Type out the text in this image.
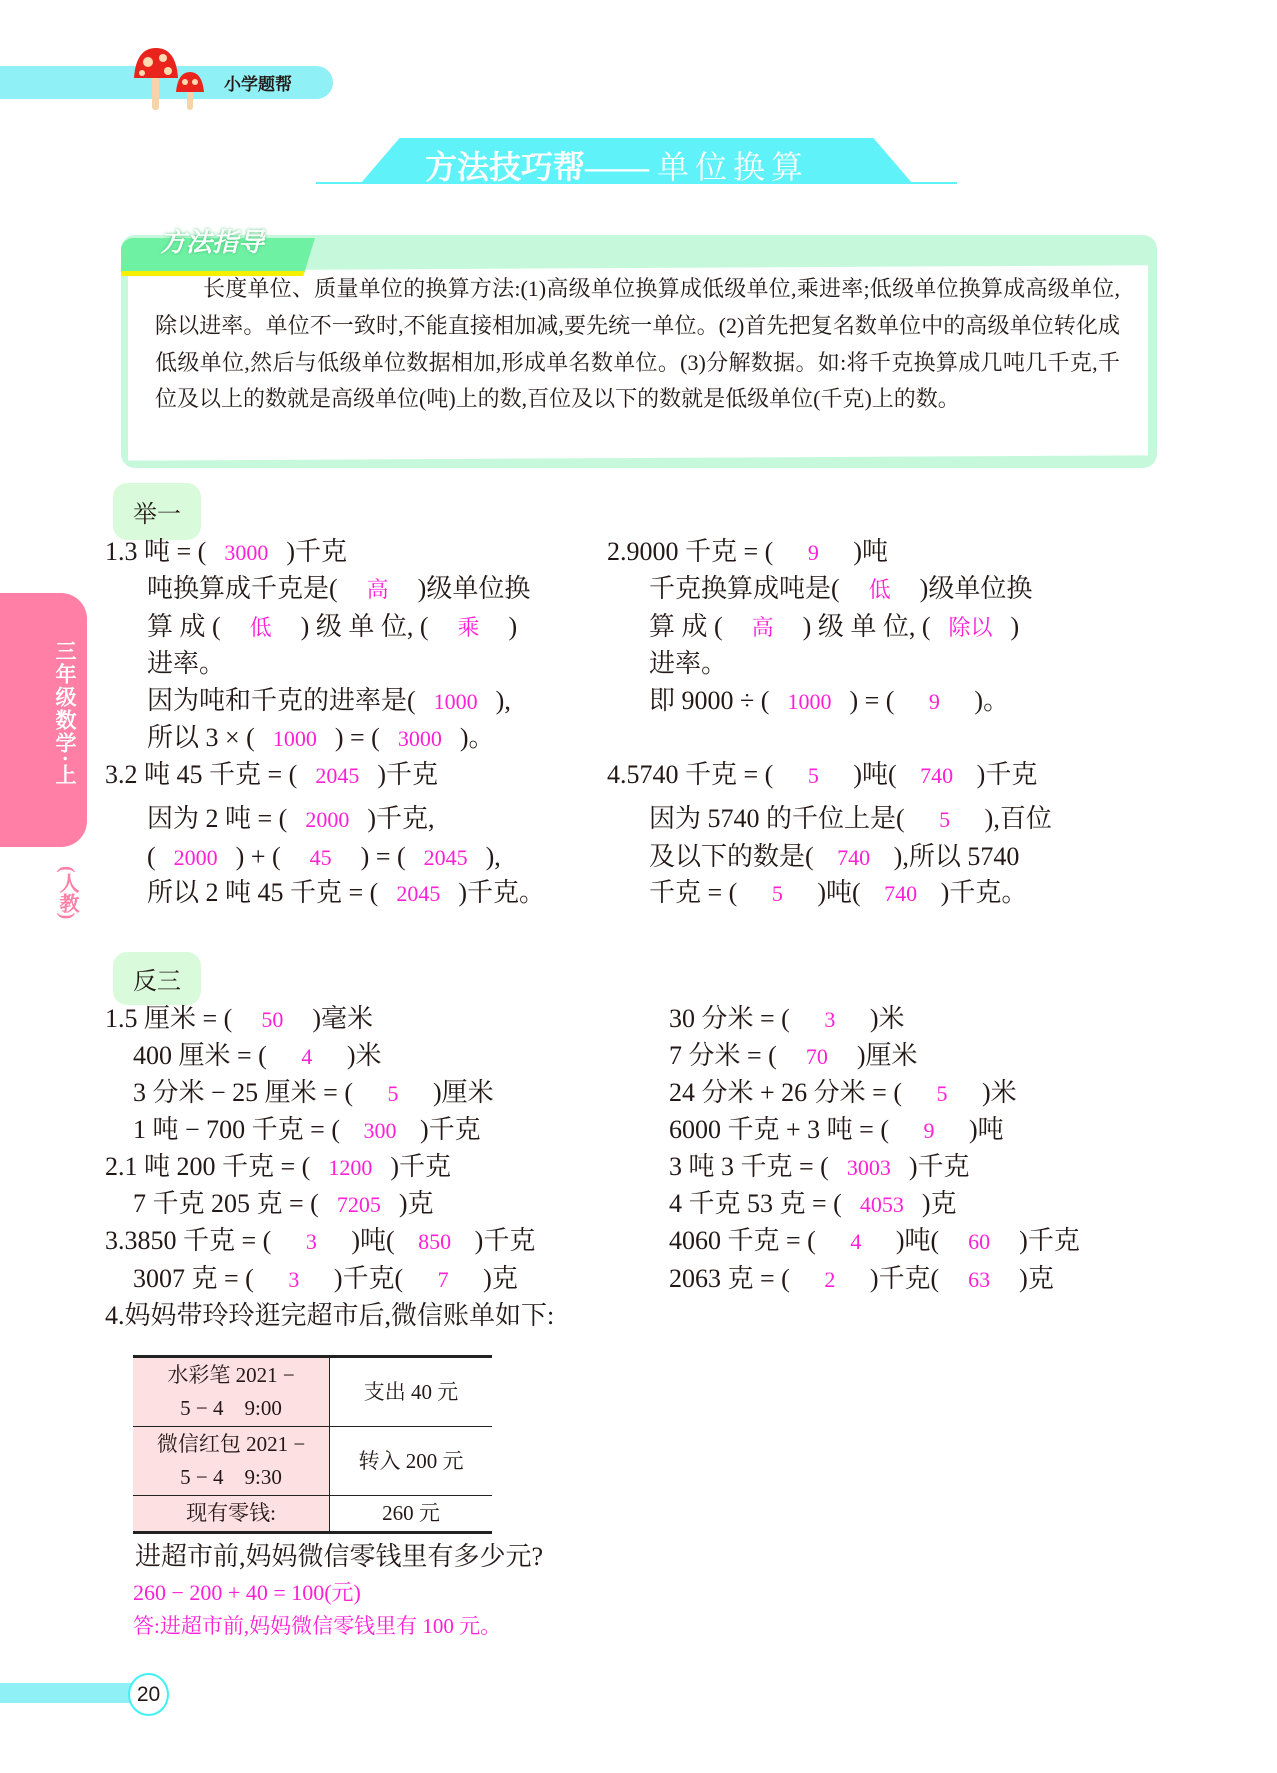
小学题帮
方法技巧帮—— 单位换算
方法指导
长度单位、质量单位的换算方法:(1)高级单位换算成低级单位,乘进率;低级单位换算成高级单位,除以进率。单位不一致时,不能直接相加减,要先统一单位。(2)首先把复名数单位中的高级单位转化成低级单位,然后与低级单位数据相加,形成单名数单位。(3)分解数据。如:将千克换算成几吨几千克,千位及以上的数就是高级单位(吨)上的数,百位及以下的数就是低级单位(千克)上的数。
三年级数学·上
(人教)
举一
反三
1.3 吨 = ( 3000 )千克
吨换算成千克是( 高 )级单位换
算 成 ( 低 ) 级 单 位, ( 乘 )
进率。
因为吨和千克的进率是( 1000 ),
所以 3 × ( 1000 ) = ( 3000 )。
3.2 吨 45 千克 = ( 2045 )千克
因为 2 吨 = ( 2000 )千克,
( 2000 ) + ( 45 ) = ( 2045 ),
所以 2 吨 45 千克 = ( 2045 )千克。
2.9000 千克 = ( 9 )吨
千克换算成吨是( 低 )级单位换
算 成 ( 高 ) 级 单 位, ( 除以 )
进率。
即 9000 ÷ ( 1000 ) = ( 9 )。
4.5740 千克 = ( 5 )吨( 740 )千克
因为 5740 的千位上是( 5 ),百位
及以下的数是( 740 ),所以 5740
千克 = ( 5 )吨( 740 )千克。
1.5 厘米 = ( 50 )毫米
400 厘米 = ( 4 )米
3 分米 − 25 厘米 = ( 5 )厘米
1 吨 − 700 千克 = ( 300 )千克
2.1 吨 200 千克 = ( 1200 )千克
7 千克 205 克 = ( 7205 )克
3.3850 千克 = ( 3 )吨( 850 )千克
3007 克 = ( 3 )千克( 7 )克
4.妈妈带玲玲逛完超市后,微信账单如下:
30 分米 = ( 3 )米
7 分米 = ( 70 )厘米
24 分米 + 26 分米 = ( 5 )米
6000 千克 + 3 吨 = ( 9 )吨
3 吨 3 千克 = ( 3003 )千克
4 千克 53 克 = ( 4053 )克
4060 千克 = ( 4 )吨( 60 )千克
2063 克 = ( 2 )千克( 63 )克
水彩笔 2021 −
5 − 4　9:00	支出 40 元

微信红包 2021 −
5 − 4　9:30	转入 200 元
现有零钱:	260 元
进超市前,妈妈微信零钱里有多少元?
260 − 200 + 40 = 100(元)
答:进超市前,妈妈微信零钱里有 100 元。
20
